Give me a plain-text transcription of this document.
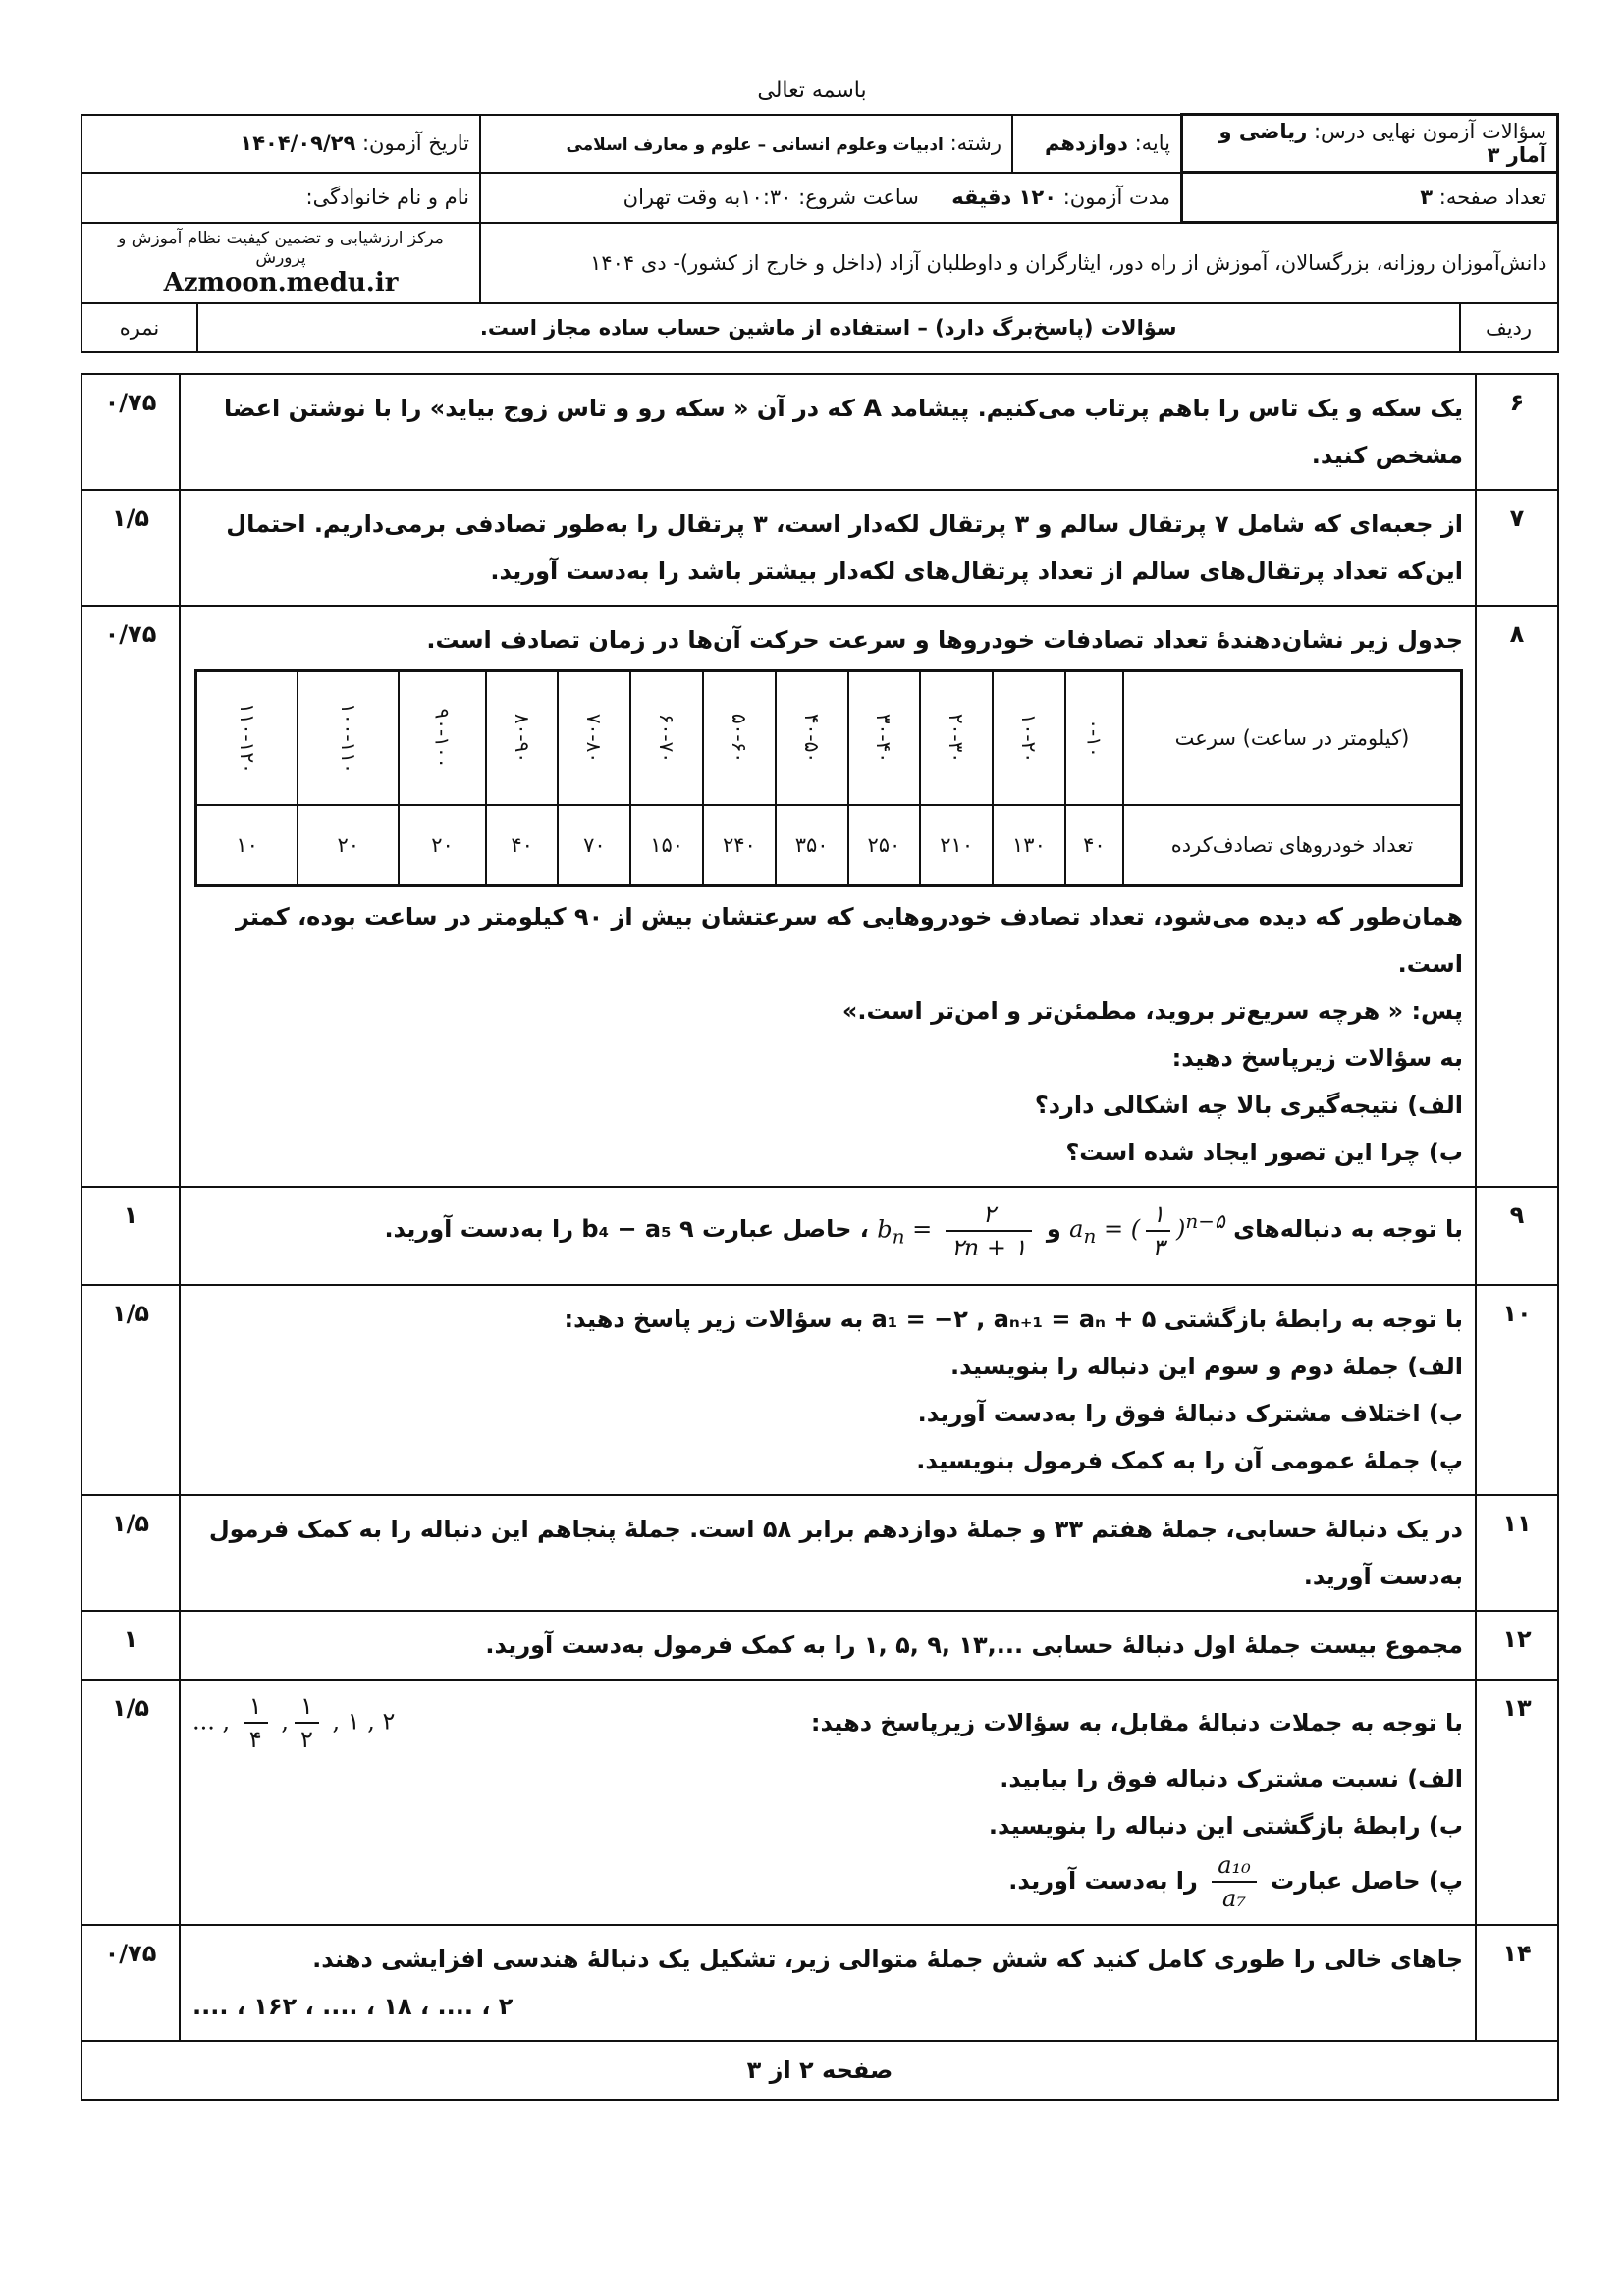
باسمه تعالی
سؤالات آزمون نهایی درس: ریاضی و آمار ۳	پایه: دوازدهم	رشته: ادبیات وعلوم انسانی – علوم و معارف اسلامی	تاریخ آزمون: ۱۴۰۴/۰۹/۲۹
تعداد صفحه: ۳	مدت آزمون: ۱۲۰ دقیقه     ساعت شروع: ۱۰:۳۰به وقت تهران	نام و نام خانوادگی:
دانش‌آموزان روزانه، بزرگسالان، آموزش از راه دور، ایثارگران و داوطلبان آزاد (داخل و خارج از کشور)- دی ۱۴۰۴	
مرکز ارزشیابی و تضمین کیفیت نظام آموزش و پرورش
Azmoon.medu.ir

ردیف	سؤالات (پاسخ‌برگ دارد) – استفاده از ماشین حساب ساده مجاز است.	نمره
۶	

یک سکه و یک تاس را باهم پرتاب می‌کنیم. پیشامد A که در آن « سکه رو و تاس زوج بیاید» را با نوشتن اعضا مشخص کنید.

	۰/۷۵
۷	

از جعبه‌ای که شامل ۷ پرتقال سالم و ۳ پرتقال لکه‌دار است، ۳ پرتقال را به‌طور تصادفی برمی‌داریم. احتمال این‌که تعداد پرتقال‌های سالم از تعداد پرتقال‌های لکه‌دار بیشتر باشد را به‌دست آورید.

	۱/۵
۸	

جدول زیر نشان‌دهندهٔ تعداد تصادفات خودروها و سرعت حرکت آن‌ها در زمان تصادف است.

(کیلومتر در ساعت) سرعت	۰-۱۰	۱۰-۲۰	۲۰-۳۰	۳۰-۴۰	۴۰-۵۰	۵۰-۶۰	۶۰-۷۰	۷۰-۸۰	۸۰-۹۰	۹۰-۱۰۰	۱۰۰-۱۱۰	۱۱۰-۱۲۰
تعداد خودروهای تصادف‌کرده	۴۰	۱۳۰	۲۱۰	۲۵۰	۳۵۰	۲۴۰	۱۵۰	۷۰	۴۰	۲۰	۲۰	۱۰

همان‌طور که دیده می‌شود، تعداد تصادف خودروهایی که سرعتشان بیش از ۹۰ کیلومتر در ساعت بوده، کمتر است.

پس: « هرچه سریع‌تر بروید، مطمئن‌تر و امن‌تر است.»

به سؤالات زیرپاسخ دهید:

الف) نتیجه‌گیری بالا چه اشکالی دارد؟

ب) چرا این تصور ایجاد شده است؟

	۰/۷۵
۹	با توجه به دنباله‌های $a_n$ = ( $\frac{۱}{۳} )^{n-۵}$ و $b_n = \frac{۲}{۲n + ۱}$
، حاصل عبارت ۹ b₄ − a₅ را به‌دست آورید.	۱
۱۰	

با توجه به رابطهٔ بازگشتی a₁ = −۲ , aₙ₊₁ = aₙ + ۵ به سؤالات زیر پاسخ دهید:

الف) جملهٔ دوم و سوم این دنباله را بنویسید.

ب) اختلاف مشترک دنبالهٔ فوق را به‌دست آورید.

پ) جملهٔ عمومی آن را به کمک فرمول بنویسید.

	۱/۵
۱۱	

در یک دنبالهٔ حسابی، جملهٔ هفتم ۳۳ و جملهٔ دوازدهم برابر ۵۸ است. جملهٔ پنجاهم این دنباله را به کمک فرمول به‌دست آورید.

	۱/۵
۱۲	

مجموع بیست جملهٔ اول دنبالهٔ حسابی ...,۱۳ ,۹ ,۵ ,۱ را به کمک فرمول به‌دست آورید.

	۱
۱۳	
با توجه به جملات دنبالهٔ مقابل، به سؤالات زیرپاسخ دهید:
۲ , ۱ ,
$\frac{۱}{۲}$
,
$\frac{۱}{۴}$
, ...

الف) نسبت مشترک دنباله فوق را بیابید.

ب) رابطهٔ بازگشتی این دنباله را بنویسید.

پ) حاصل عبارت
$\frac{\text{a₁₀}}{\text{a₇}}$
را به‌دست آورید.

	۱/۵
۱۴	

جاهای خالی را طوری کامل کنید که شش جملهٔ متوالی زیر، تشکیل یک دنبالهٔ هندسی افزایشی دهند.

۲ ، .... ، ۱۸ ، .... ، ۱۶۲ ، ....

	۰/۷۵
صفحه ۲ از ۳
